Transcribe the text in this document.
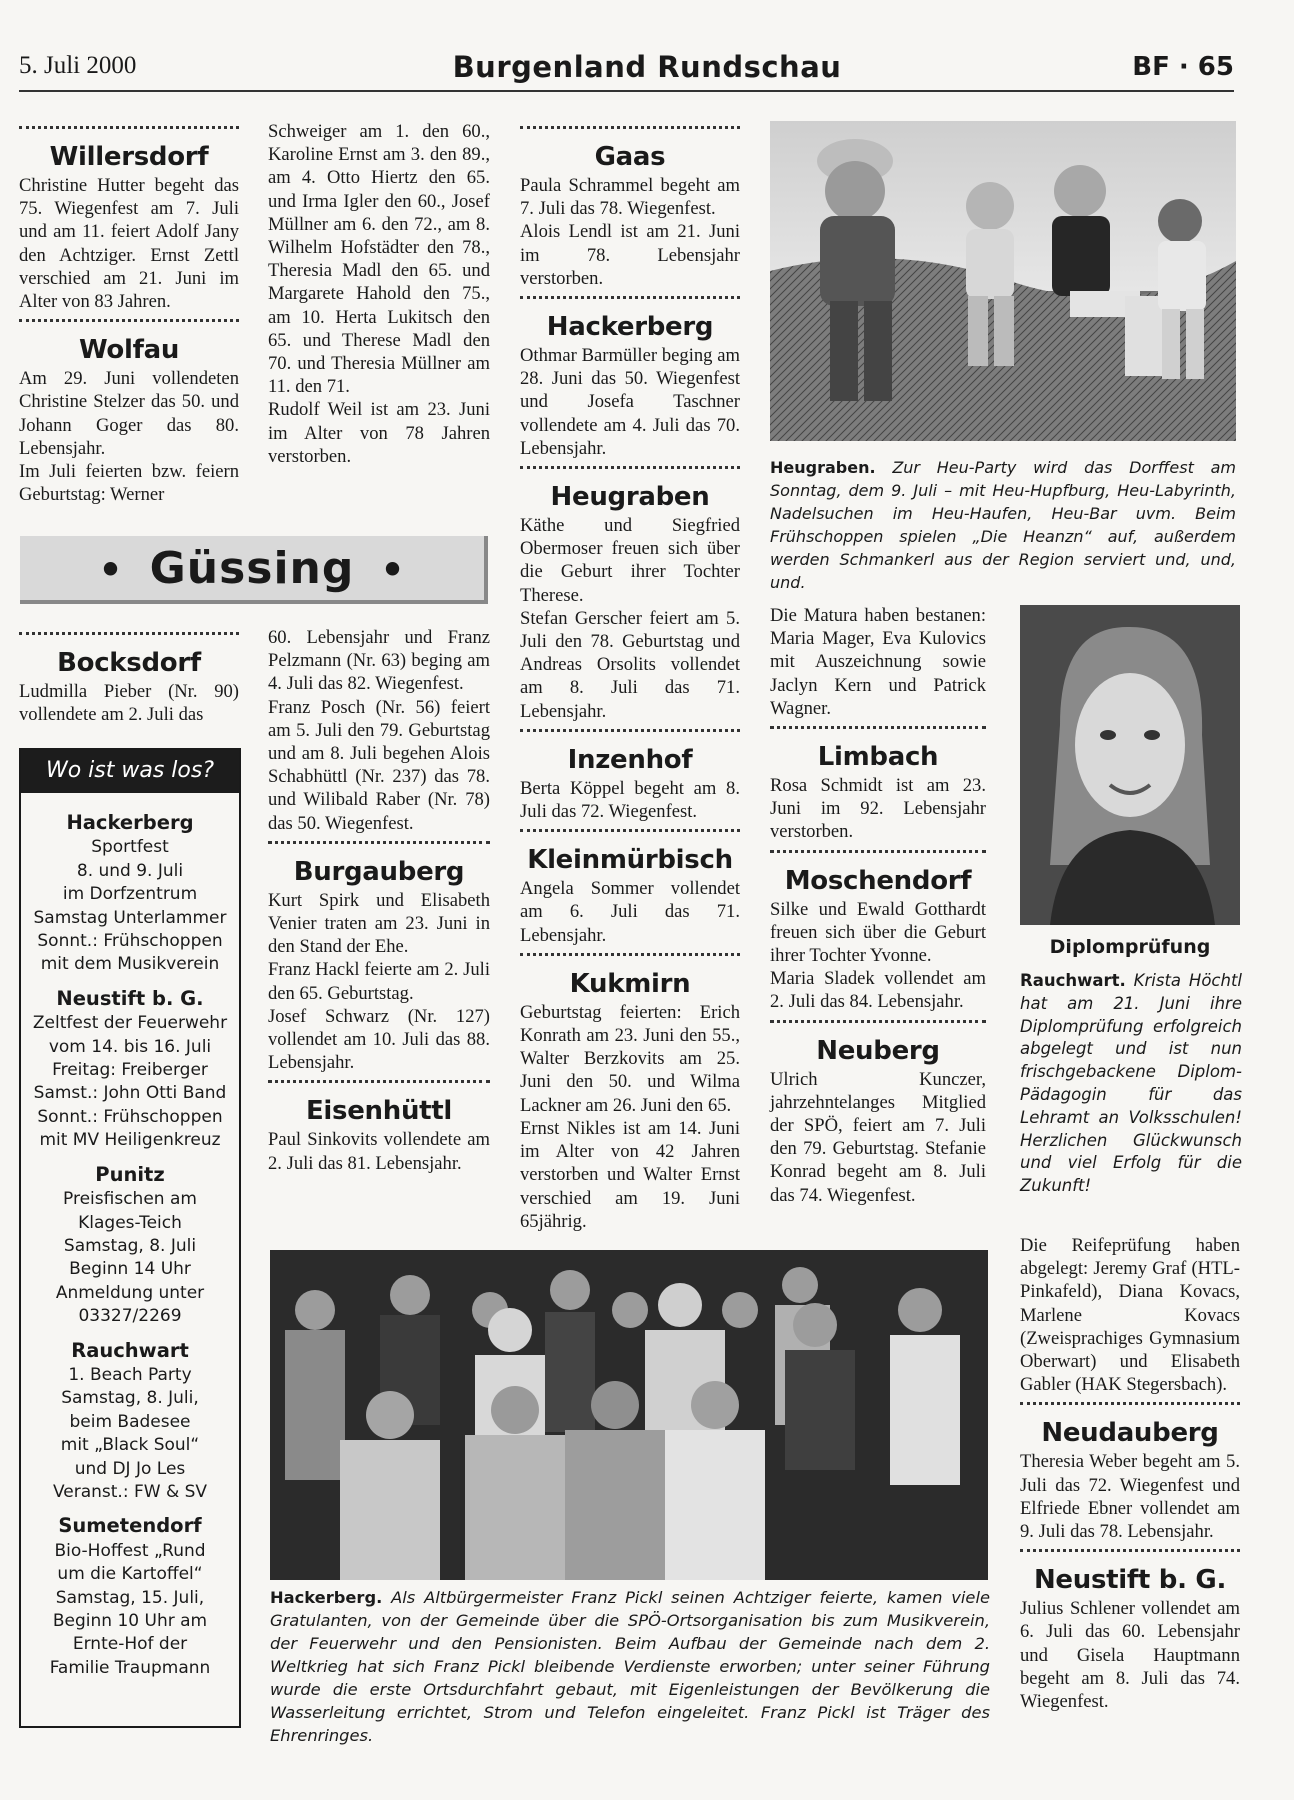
5. Juli 2000	Burgenland Rundschau	BF · 65
Willersdorf

Christine Hutter begeht das 75. Wiegenfest am 7. Juli und am 11. feiert Adolf Jany den Achtziger. Ernst Zettl verschied am 21. Juni im Alter von 83 Jahren.

Wolfau

Am 29. Juni vollendeten Christine Stelzer das 50. und Johann Goger das 80. Lebensjahr.

Im Juli feierten bzw. feiern Geburtstag: Werner

Schweiger am 1. den 60., Karoline Ernst am 3. den 89., am 4. Otto Hiertz den 65. und Irma Igler den 60., Josef Müllner am 6. den 72., am 8. Wilhelm Hofstädter den 78., Theresia Madl den 65. und Margarete Hahold den 75., am 10. Herta Lukitsch den 65. und Therese Madl den 70. und Theresia Müllner am 11. den 71.

Rudolf Weil ist am 23. Juni im Alter von 78 Jahren verstorben.

Gaas

Paula Schrammel begeht am 7. Juli das 78. Wiegenfest.

Alois Lendl ist am 21. Juni im 78. Lebensjahr verstorben.

Hackerberg

Othmar Barmüller beging am 28. Juni das 50. Wiegenfest und Josefa Taschner vollendete am 4. Juli das 70. Lebensjahr.

Heugraben

Käthe und Siegfried Obermoser freuen sich über die Geburt ihrer Tochter Therese.

Stefan Gerscher feiert am 5. Juli den 78. Geburtstag und Andreas Orsolits vollendet am 8. Juli das 71. Lebensjahr.

Inzenhof

Berta Köppel begeht am 8. Juli das 72. Wiegenfest.

Kleinmürbisch

Angela Sommer vollendet am 6. Juli das 71. Lebensjahr.

Kukmirn

Geburtstag feierten: Erich Konrath am 23. Juni den 55., Walter Berzkovits am 25. Juni den 50. und Wilma Lackner am 26. Juni den 65.

Ernst Nikles ist am 14. Juni im Alter von 42 Jahren verstorben und Walter Ernst verschied am 19. Juni 65jährig.

Heugraben. Zur Heu-Party wird das Dorffest am Sonntag, dem 9. Juli – mit Heu-Hupfburg, Heu-Labyrinth, Nadelsuchen im Heu-Haufen, Heu-Bar uvm. Beim Frühschoppen spielen „Die Heanzn“ auf, außerdem werden Schmankerl aus der Region serviert und, und, und.
• Güssing •
Bocksdorf

Ludmilla Pieber (Nr. 90) vollendete am 2. Juli das

Wo ist was los?
Hackerberg
Sportfest
8. und 9. Juli
im Dorfzentrum
Samstag Unterlammer
Sonnt.: Frühschoppen
mit dem Musikverein
Neustift b. G.
Zeltfest der Feuerwehr
vom 14. bis 16. Juli
Freitag: Freiberger
Samst.: John Otti Band
Sonnt.: Frühschoppen
mit MV Heiligenkreuz
Punitz
Preisfischen am
Klages-Teich
Samstag, 8. Juli
Beginn 14 Uhr
Anmeldung unter
03327/2269
Rauchwart
1. Beach Party
Samstag, 8. Juli,
beim Badesee
mit „Black Soul“
und DJ Jo Les
Veranst.: FW & SV
Sumetendorf
Bio-Hoffest „Rund
um die Kartoffel“
Samstag, 15. Juli,
Beginn 10 Uhr am
Ernte-Hof der
Familie Traupmann

60. Lebensjahr und Franz Pelzmann (Nr. 63) beging am 4. Juli das 82. Wiegenfest.

Franz Posch (Nr. 56) feiert am 5. Juli den 79. Geburtstag und am 8. Juli begehen Alois Schabhüttl (Nr. 237) das 78. und Wilibald Raber (Nr. 78) das 50. Wiegenfest.

Burgauberg

Kurt Spirk und Elisabeth Venier traten am 23. Juni in den Stand der Ehe.

Franz Hackl feierte am 2. Juli den 65. Geburtstag.

Josef Schwarz (Nr. 127) vollendet am 10. Juli das 88. Lebensjahr.

Eisenhüttl

Paul Sinkovits vollendete am 2. Juli das 81. Lebensjahr.

Die Matura haben bestanen: Maria Mager, Eva Kulovics mit Auszeichnung sowie Jaclyn Kern und Patrick Wagner.

Limbach

Rosa Schmidt ist am 23. Juni im 92. Lebensjahr verstorben.

Moschendorf

Silke und Ewald Gotthardt freuen sich über die Geburt ihrer Tochter Yvonne.

Maria Sladek vollendet am 2. Juli das 84. Lebensjahr.

Neuberg

Ulrich Kunczer, jahrzehntelanges Mitglied der SPÖ, feiert am 7. Juli den 79. Geburtstag. Stefanie Konrad begeht am 8. Juli das 74. Wiegenfest.

Diplomprüfung
Rauchwart. Krista Höchtl hat am 21. Juni ihre Diplomprüfung erfolgreich abgelegt und ist nun frischgebackene Diplom-Pädagogin für das Lehramt an Volksschulen! Herzlichen Glückwunsch und viel Erfolg für die Zukunft!

Die Reifeprüfung haben abgelegt: Jeremy Graf (HTL-Pinkafeld), Diana Kovacs, Marlene Kovacs (Zweisprachiges Gymnasium Oberwart) und Elisabeth Gabler (HAK Stegersbach).

Neudauberg

Theresia Weber begeht am 5. Juli das 72. Wiegenfest und Elfriede Ebner vollendet am 9. Juli das 78. Lebensjahr.

Neustift b. G.

Julius Schlener vollendet am 6. Juli das 60. Lebensjahr und Gisela Hauptmann begeht am 8. Juli das 74. Wiegenfest.

Hackerberg. Als Altbürgermeister Franz Pickl seinen Achtziger feierte, kamen viele Gratulanten, von der Gemeinde über die SPÖ-Ortsorganisation bis zum Musikverein, der Feuerwehr und den Pensionisten. Beim Aufbau der Gemeinde nach dem 2. Weltkrieg hat sich Franz Pickl bleibende Verdienste erworben; unter seiner Führung wurde die erste Ortsdurchfahrt gebaut, mit Eigenleistungen der Bevölkerung die Wasserleitung errichtet, Strom und Telefon eingeleitet. Franz Pickl ist Träger des Ehrenringes.
